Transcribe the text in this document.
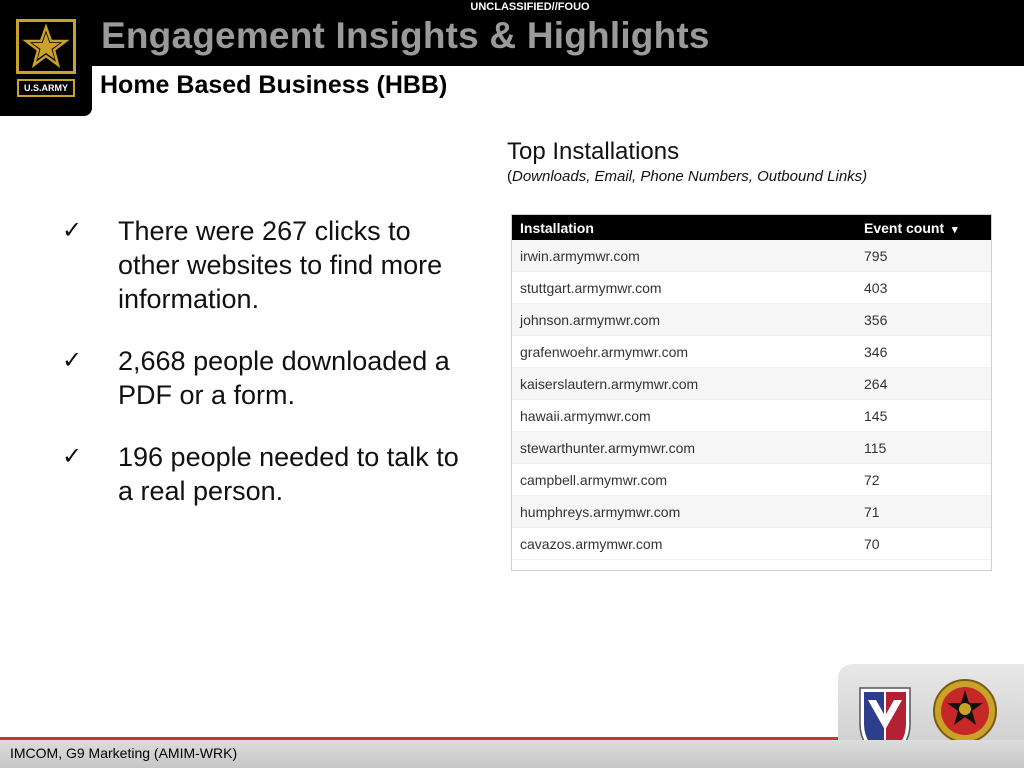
U.S.ARMY
UNCLASSIFIED//FOUO
Engagement Insights & Highlights
Home Based Business (HBB)
✓ There were 267 clicks to other websites to find more information.
✓ 2,668 people downloaded a PDF or a form.
✓ 196 people needed to talk to a real person.
Top Installations
(Downloads, Email, Phone Numbers, Outbound Links)
Installation	Event count ▾
irwin.armymwr.com	795
stuttgart.armymwr.com	403
johnson.armymwr.com	356
grafenwoehr.armymwr.com	346
kaiserslautern.armymwr.com	264
hawaii.armymwr.com	145
stewarthunter.armymwr.com	115
campbell.armymwr.com	72
humphreys.armymwr.com	71
cavazos.armymwr.com	70
IMCOM, G9 Marketing (AMIM-WRK)
